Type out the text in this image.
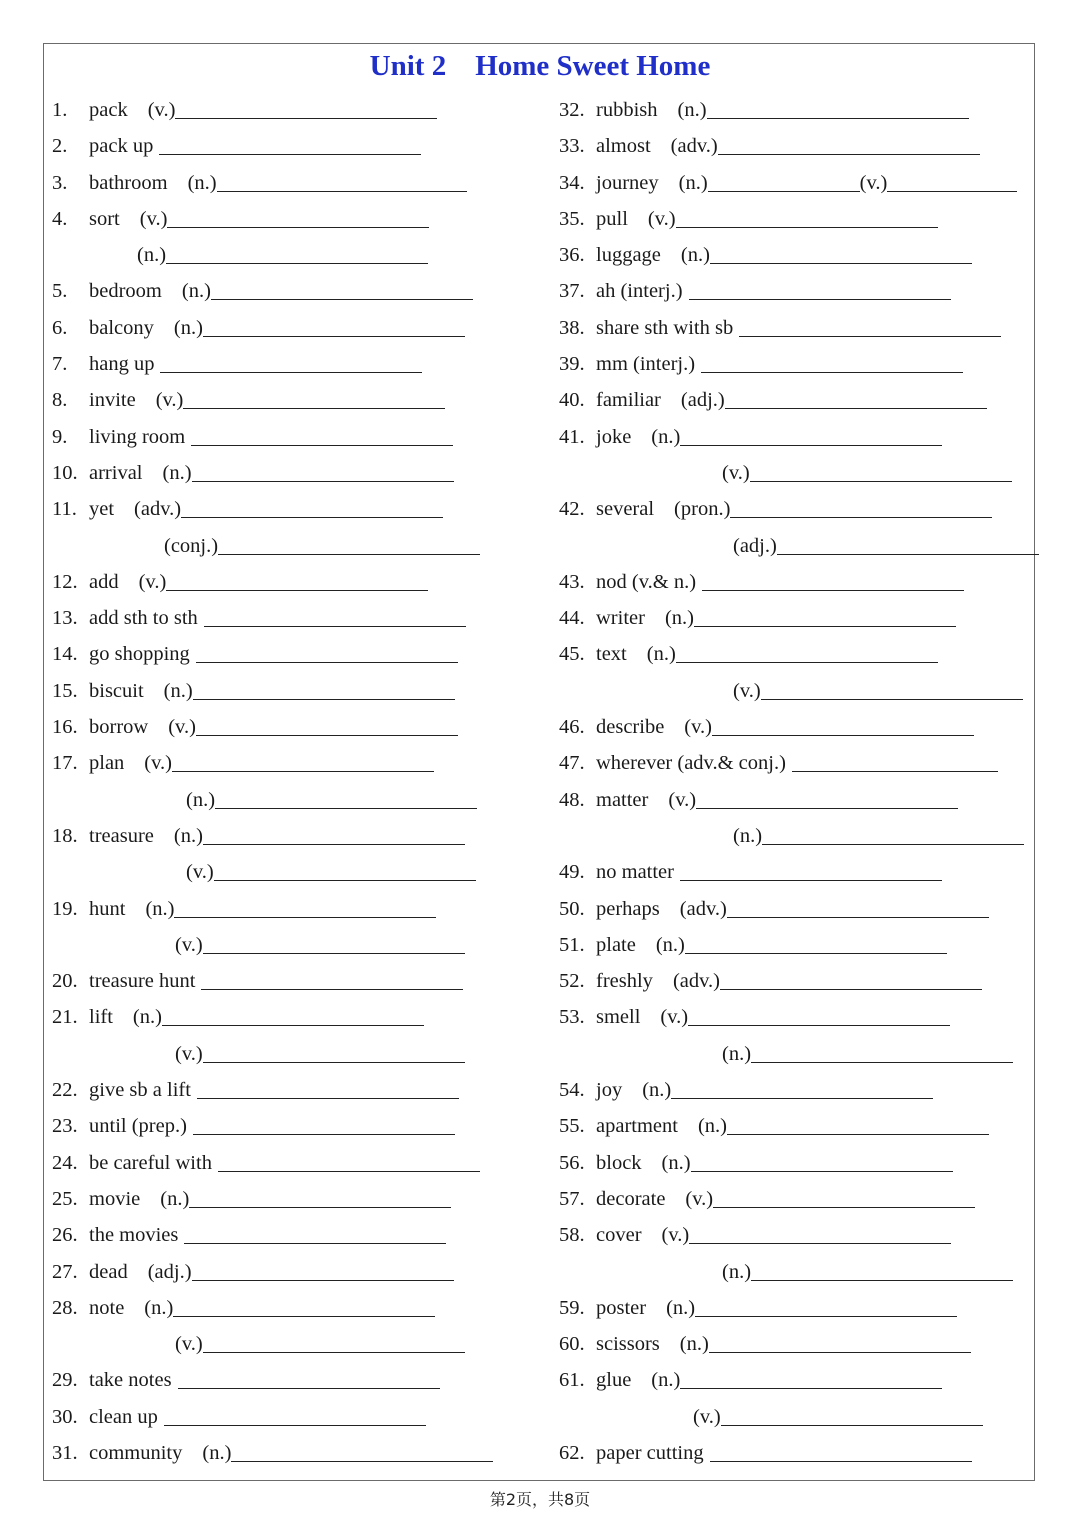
Unit 2    Home Sweet Home
1. pack (v.)
2. pack up
3. bathroom (n.)
4. sort (v.)
(n.)
5. bedroom (n.)
6. balcony (n.)
7. hang up
8. invite (v.)
9. living room
10. arrival (n.)
11. yet (adv.)
(conj.)
12. add (v.)
13. add sth to sth
14. go shopping
15. biscuit (n.)
16. borrow (v.)
17. plan (v.)
(n.)
18. treasure (n.)
(v.)
19. hunt (n.)
(v.)
20. treasure hunt
21. lift (n.)
(v.)
22. give sb a lift
23. until (prep.)
24. be careful with
25. movie (n.)
26. the movies
27. dead (adj.)
28. note (n.)
(v.)
29. take notes
30. clean up
31. community (n.)
32. rubbish (n.)
33. almost (adv.)
34. journey (n.)	(v.)
35. pull (v.)
36. luggage (n.)
37. ah (interj.)
38. share sth with sb
39. mm (interj.)
40. familiar (adj.)
41. joke (n.)
(v.)
42. several (pron.)
(adj.)
43. nod (v.& n.)
44. writer (n.)
45. text (n.)
(v.)
46. describe (v.)
47. wherever (adv.& conj.)
48. matter (v.)
(n.)
49. no matter
50. perhaps (adv.)
51. plate (n.)
52. freshly (adv.)
53. smell (v.)
(n.)
54. joy (n.)
55. apartment (n.)
56. block (n.)
57. decorate (v.)
58. cover (v.)
(n.)
59. poster (n.)
60. scissors (n.)
61. glue (n.)
(v.)
62. paper cutting
第2页，共8页
